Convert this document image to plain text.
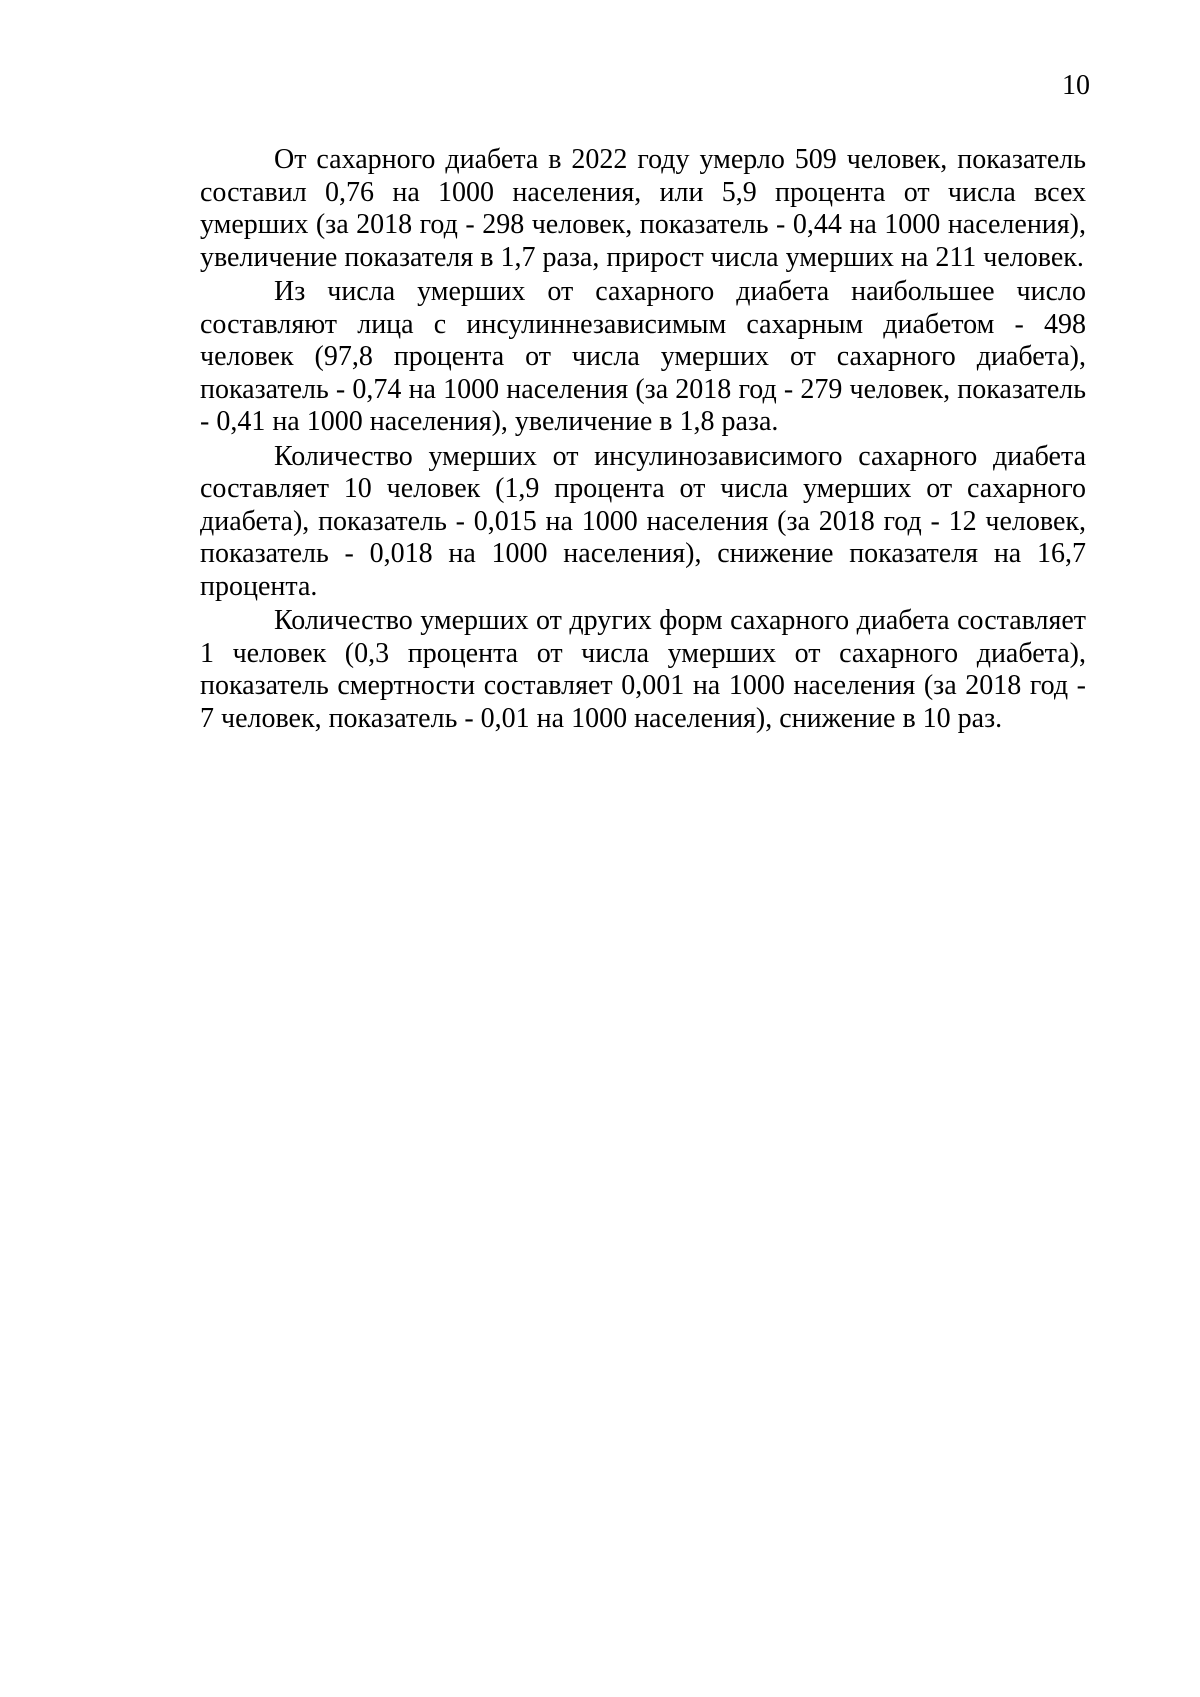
10

От сахарного диабета в 2022 году умерло 509 человек, показатель составил 0,76 на 1000 населения, или 5,9 процента от числа всех умерших (за 2018 год - 298 человек, показатель - 0,44 на 1000 населения), увеличение показателя в 1,7 раза, прирост числа умерших на 211 человек.

Из числа умерших от сахарного диабета наибольшее число составляют лица с инсулиннезависимым сахарным диабетом - 498 человек (97,8 процента от числа умерших от сахарного диабета), показатель - 0,74 на 1000 населения (за 2018 год - 279 человек, показатель - 0,41 на 1000 населения), увеличение в 1,8 раза.

Количество умерших от инсулинозависимого сахарного диабета составляет 10 человек (1,9 процента от числа умерших от сахарного диабета), показатель - 0,015 на 1000 населения (за 2018 год - 12 человек, показатель - 0,018 на 1000 населения), снижение показателя на 16,7 процента.

Количество умерших от других форм сахарного диабета составляет 1 человек (0,3 процента от числа умерших от сахарного диабета), показатель смертности составляет 0,001 на 1000 населения (за 2018 год - 7 человек, показатель - 0,01 на 1000 населения), снижение в 10 раз.
